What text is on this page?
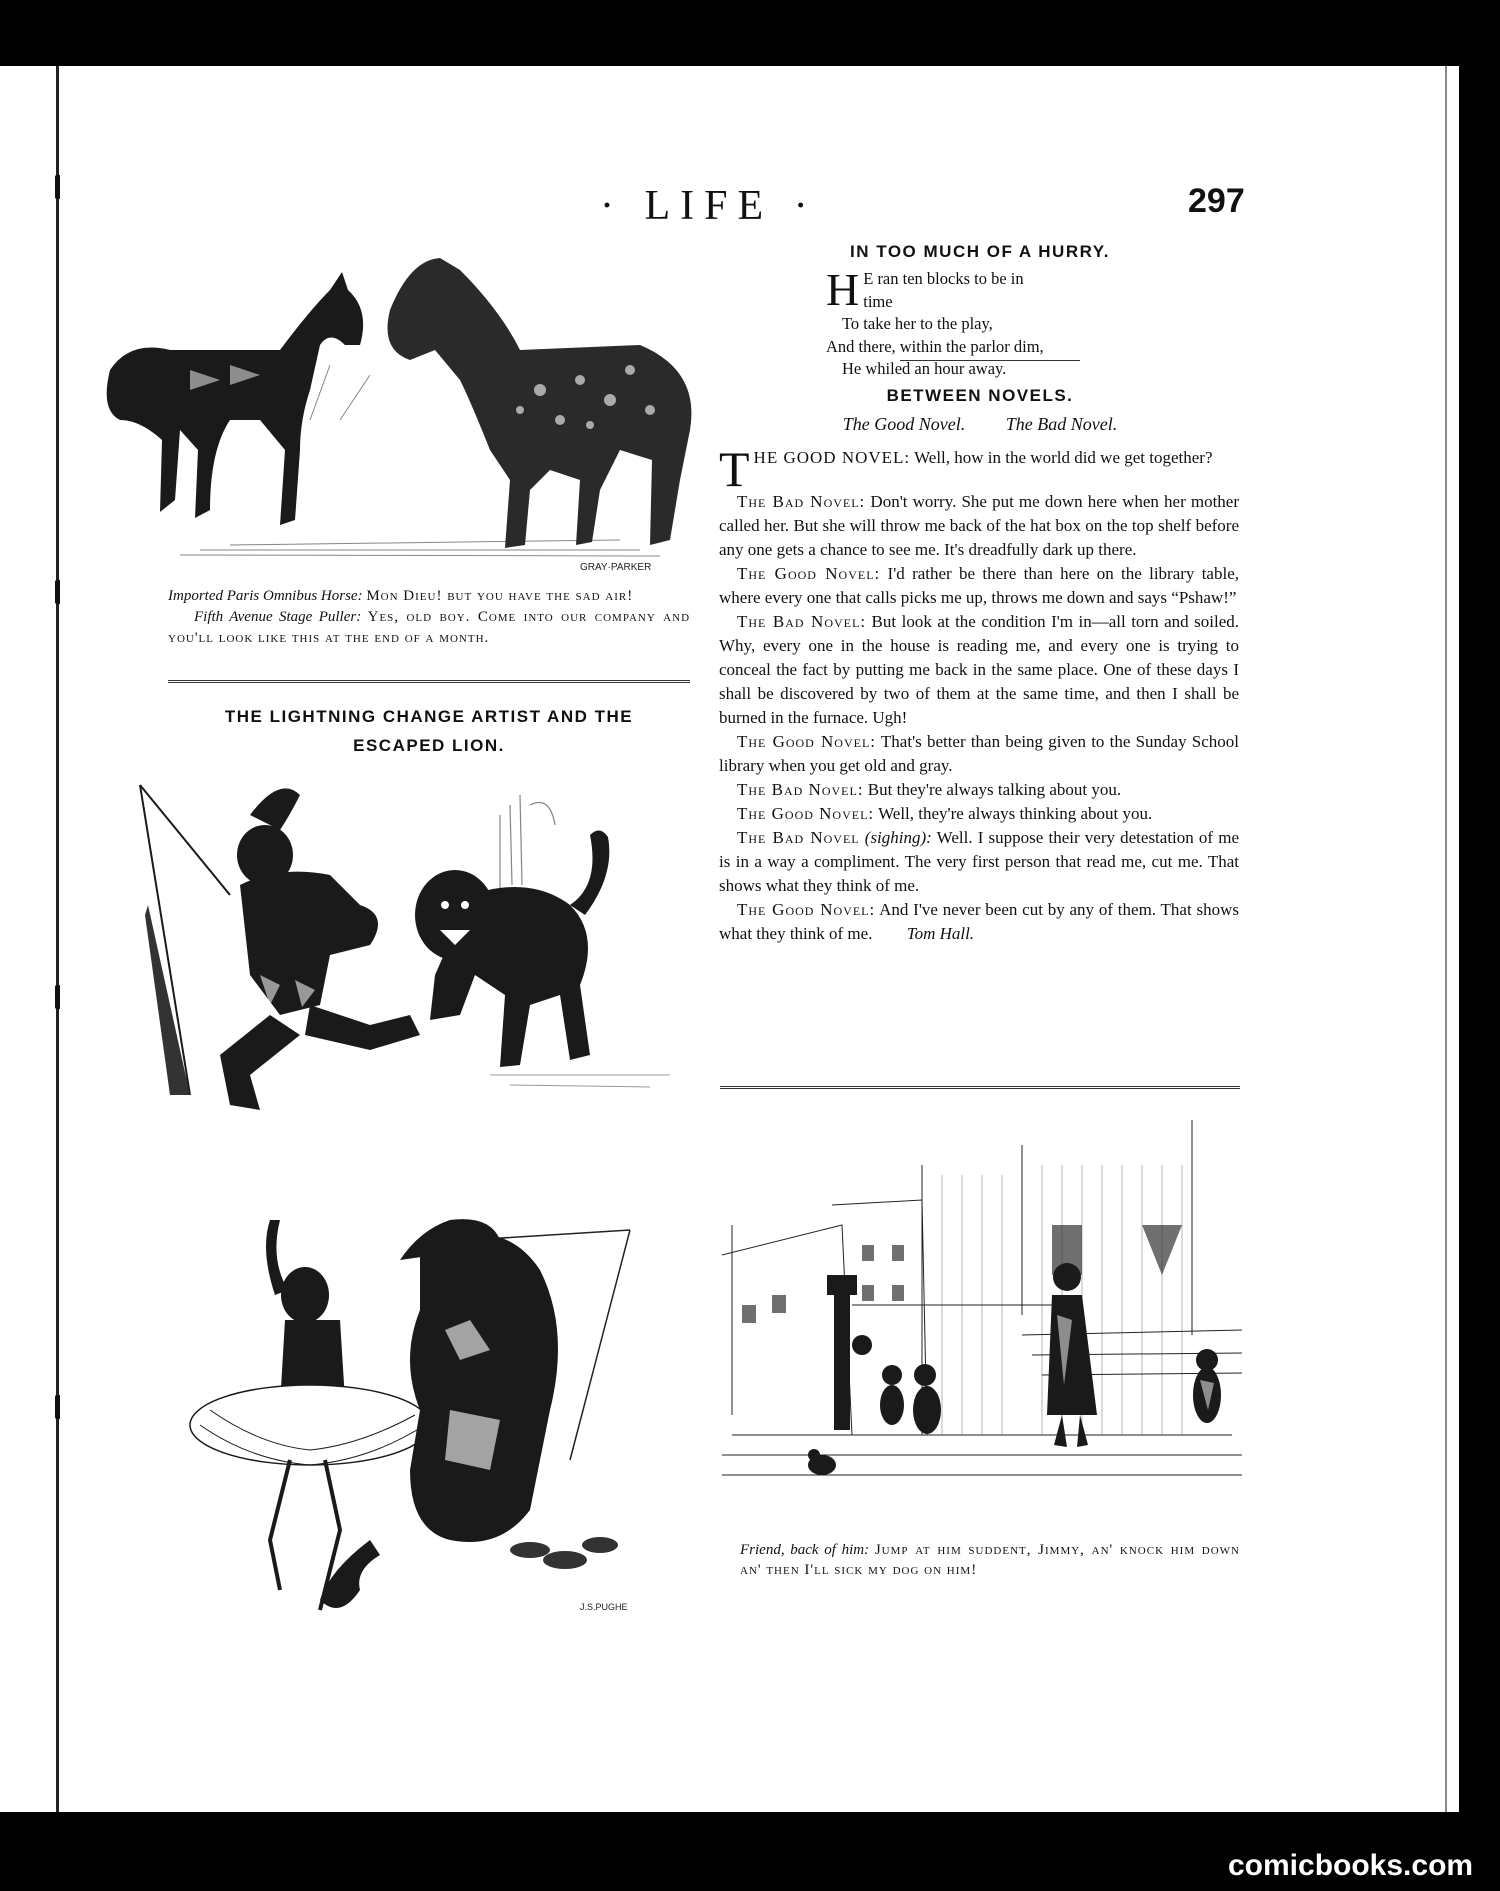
· LIFE ·	297
GRAY·PARKER
Imported Paris Omnibus Horse: Mon Dieu! but you have the sad air!
Fifth Avenue Stage Puller: Yes, old boy. Come into our company and you'll look like this at the end of a month.
THE LIGHTNING CHANGE ARTIST AND THE
ESCAPED LION.
J.S.PUGHE
IN TOO MUCH OF A HURRY.
H E ran ten blocks to be in time
To take her to the play,
And there, within the parlor dim,
He whiled an hour away.
BETWEEN NOVELS.
The Good Novel. The Bad Novel.

THE GOOD NOVEL: Well, how in the world did we get together?

The Bad Novel: Don't worry. She put me down here when her mother called her. But she will throw me back of the hat box on the top shelf before any one gets a chance to see me. It's dreadfully dark up there.

The Good Novel: I'd rather be there than here on the library table, where every one that calls picks me up, throws me down and says “Pshaw!”

The Bad Novel: But look at the condition I'm in—all torn and soiled. Why, every one in the house is reading me, and every one is trying to conceal the fact by putting me back in the same place. One of these days I shall be discovered by two of them at the same time, and then I shall be burned in the furnace. Ugh!

The Good Novel: That's better than being given to the Sunday School library when you get old and gray.

The Bad Novel: But they're always talking about you.

The Good Novel: Well, they're always thinking about you.

The Bad Novel (sighing): Well. I suppose their very detestation of me is in a way a compliment. The very first person that read me, cut me. That shows what they think of me.

The Good Novel: And I've never been cut by any of them. That shows what they think of me. Tom Hall.

Friend, back of him: Jump at him suddent, Jimmy, an' knock him down an' then I'll sick my dog on him!
comicbooks.com
